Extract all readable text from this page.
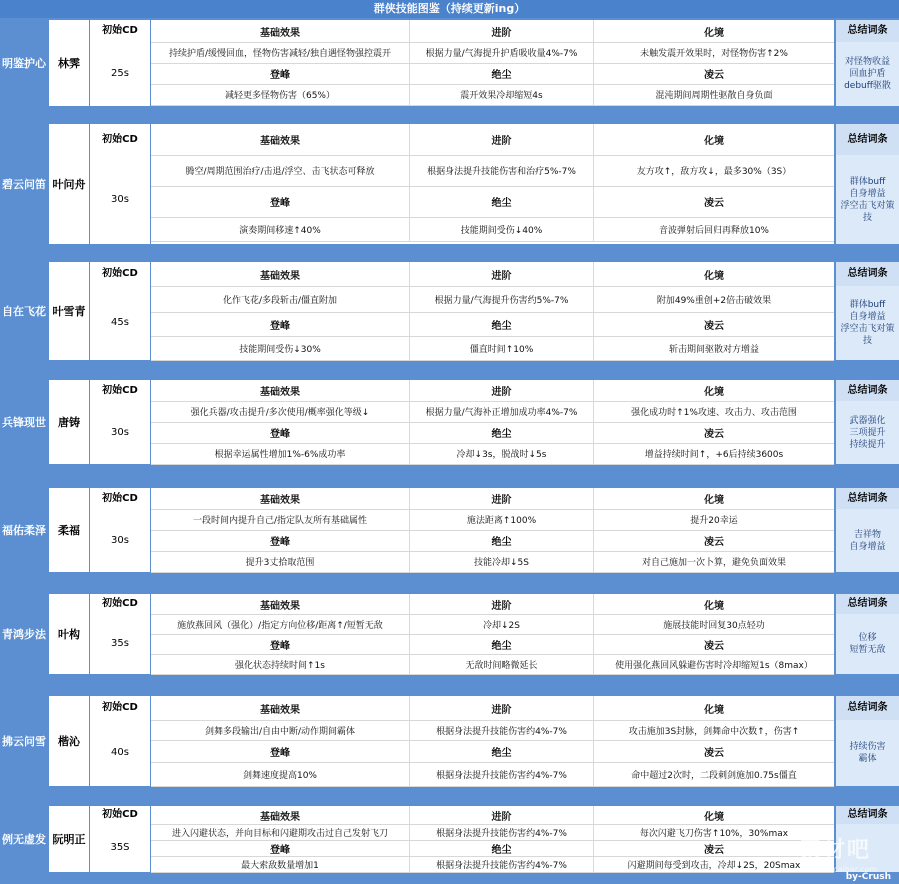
群侠技能图鉴（持续更新ing）
明鉴护心	林霁
初始CD
25s
基础效果	进阶	化境
持续护盾/缓慢回血，怪物伤害减轻/独自遇怪物强控震开	根据力量/气海提升护盾吸收量4%-7%	未触发震开效果时，对怪物伤害↑2%
登峰	绝尘	凌云
减轻更多怪物伤害（65%）	震开效果冷却缩短4s	混沌期间周期性驱散自身负面
总结词条
对怪物收益
回血护盾
debuff驱散
碧云问笛 叶问舟
初始CD
30s
基础效果	进阶	化境
腾空/周期范围治疗/击退/浮空、击飞状态可释放	根据身法提升技能伤害和治疗5%-7%	友方攻↑，敌方攻↓，最多30%（3S）
登峰	绝尘	凌云
演奏期间移速↑40%	技能期间受伤↓40%	音波弹射后回归再释放10%
总结词条
群体buff
自身增益
浮空击飞对策技
自在飞花 叶雪青
初始CD
45s
基础效果	进阶	化境
化作飞花/多段斩击/僵直附加	根据力量/气海提升伤害约5%-7%	附加49%重创+2倍击破效果
登峰	绝尘	凌云
技能期间受伤↓30%	僵直时间↑10%	斩击期间驱散对方增益
总结词条
群体buff
自身增益
浮空击飞对策技
兵锋现世	唐铸
初始CD
30s
基础效果	进阶	化境
强化兵器/攻击提升/多次使用/概率强化等级↓	根据力量/气海补正增加成功率4%-7%	强化成功时↑1%攻速、攻击力、攻击范围
登峰	绝尘	凌云
根据幸运属性增加1%-6%成功率	冷却↓3s，脱战时↓5s	增益持续时间↑，+6后持续3600s
总结词条
武器强化
三项提升
持续提升
福佑柔泽	柔福
初始CD
30s
基础效果	进阶	化境
一段时间内提升自己/指定队友所有基础属性	施法距离↑100%	提升20幸运
登峰	绝尘	凌云
提升3丈拾取范围	技能冷却↓5S	对自己施加一次卜算，避免负面效果
总结词条
吉祥物
自身增益
青鸿步法	叶构
初始CD
35s
基础效果	进阶	化境
施放燕回风（强化）/指定方向位移/距离↑/短暂无敌	冷却↓2S	施展技能时回复30点轻功
登峰	绝尘	凌云
强化状态持续时间↑1s	无敌时间略微延长	使用强化燕回风躲避伤害时冷却缩短1s（8max）
总结词条
位移
短暂无敌
拂云问雪	楷沁
初始CD
40s
基础效果	进阶	化境
剑舞多段输出/自由中断/动作期间霸体	根据身法提升技能伤害约4%-7%	攻击施加3S封脉，剑舞命中次数↑，伤害↑
登峰	绝尘	凌云
剑舞速度提高10%	根据身法提升技能伤害约4%-7%	命中超过2次时，二段刺剑施加0.75s僵直
总结词条
持续伤害
霸体
例无虚发 阮明正
初始CD
35S
基础效果	进阶	化境
进入闪避状态，并向目标和闪避期攻击过自己发射飞刀	根据身法提升技能伤害约4%-7%	每次闪避飞刀伤害↑10%，30%max
登峰	绝尘	凌云
最大索敌数量增加1	根据身法提升技能伤害约4%-7%	闪避期间每受到攻击，冷却↓2S，20Smax
总结词条
素材吧
www.sucaibar.com
by-Crush
